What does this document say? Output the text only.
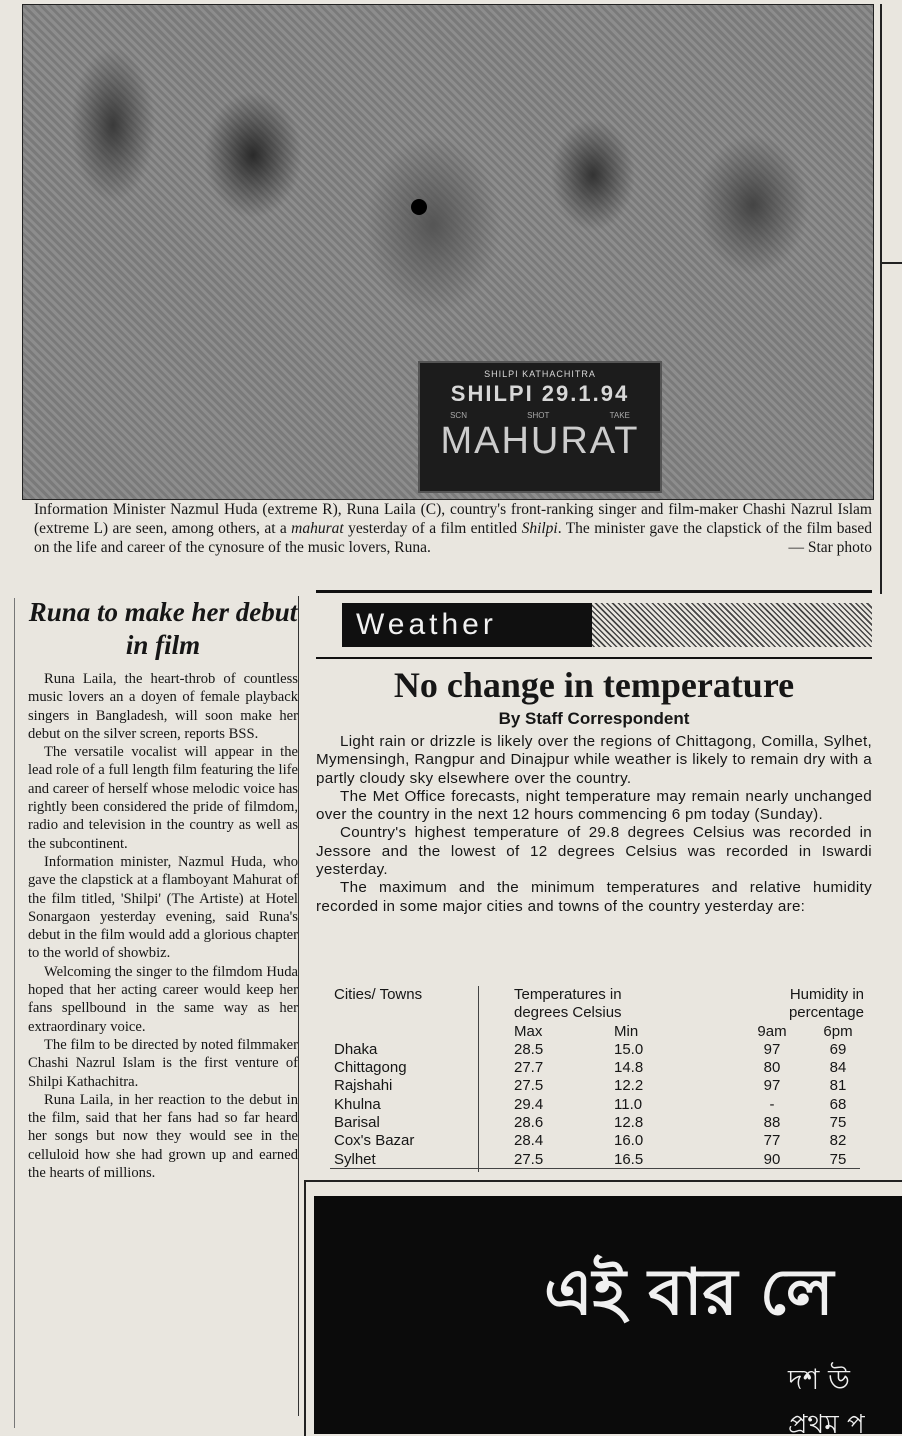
SHILPI KATHACHITRA
SHILPI 29.1.94
SCN	SHOT	TAKE
MAHURAT
Information Minister Nazmul Huda (extreme R), Runa Laila (C), country's front-ranking singer and film-maker Chashi Nazrul Islam (extreme L) are seen, among others, at a mahurat yesterday of a film entitled Shilpi. The minister gave the clapstick of the film based on the life and career of the cynosure of the music lovers, Runa.	— Star photo
Runa to make her debut in film

Runa Laila, the heart-throb of countless music lovers an a doyen of female playback singers in Bangladesh, will soon make her debut on the silver screen, reports BSS.

The versatile vocalist will appear in the lead role of a full length film featuring the life and career of herself whose melodic voice has rightly been considered the pride of filmdom, radio and television in the country as well as the subcontinent.

Information minister, Nazmul Huda, who gave the clapstick at a flamboyant Mahurat of the film titled, 'Shilpi' (The Artiste) at Hotel Sonargaon yesterday evening, said Runa's debut in the film would add a glorious chapter to the world of showbiz.

Welcoming the singer to the filmdom Huda hoped that her acting career would keep her fans spellbound in the same way as her extraordinary voice.

The film to be directed by noted filmmaker Chashi Nazrul Islam is the first venture of Shilpi Kathachitra.

Runa Laila, in her reaction to the debut in the film, said that her fans had so far heard her songs but now they would see in the celluloid how she had grown up and earned the hearts of millions.

Weather
No change in temperature
By Staff Correspondent

Light rain or drizzle is likely over the regions of Chittagong, Comilla, Sylhet, Mymensingh, Rangpur and Dinajpur while weather is likely to remain dry with a partly cloudy sky elsewhere over the country.

The Met Office forecasts, night temperature may remain nearly unchanged over the country in the next 12 hours commencing 6 pm today (Sunday).

Country's highest temperature of 29.8 degrees Celsius was recorded in Jessore and the lowest of 12 degrees Celsius was recorded in Iswardi yesterday.

The maximum and the minimum temperatures and relative humidity recorded in some major cities and towns of the country yesterday are:

Cities/ Towns	Temperatures in		Humidity in	
	degrees Celsius		percentage	
	Max	Min	9am	6pm
Dhaka	28.5	15.0	97	69
Chittagong	27.7	14.8	80	84
Rajshahi	27.5	12.2	97	81
Khulna	29.4	11.0	-	68
Barisal	28.6	12.8	88	75
Cox's Bazar	28.4	16.0	77	82
Sylhet	27.5	16.5	90	75
এই বার লে
দশ উ
প্রথম প
